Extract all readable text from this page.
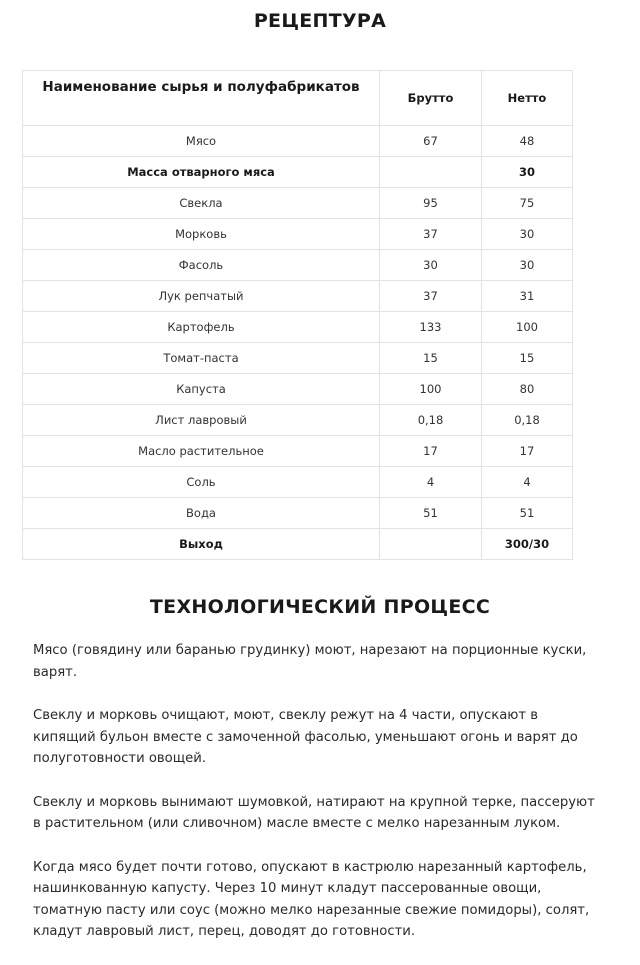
РЕЦЕПТУРА
Наименование сырья и полуфабрикатов	Брутто	Нетто
Мясо	67	48
Масса отварного мяса		30
Свекла	95	75
Морковь	37	30
Фасоль	30	30
Лук репчатый	37	31
Картофель	133	100
Томат-паста	15	15
Капуста	100	80
Лист лавровый	0,18	0,18
Масло растительное	17	17
Соль	4	4
Вода	51	51
Выход		300/30
ТЕХНОЛОГИЧЕСКИЙ ПРОЦЕСС

Мясо (говядину или баранью грудинку) моют, нарезают на порционные куски, варят.

Свеклу и морковь очищают, моют, свеклу режут на 4 части, опускают в кипящий бульон вместе с замоченной фасолью, уменьшают огонь и варят до полуготовности овощей.

Свеклу и морковь вынимают шумовкой, натирают на крупной терке, пассеруют в растительном (или сливочном) масле вместе с мелко нарезанным луком.

Когда мясо будет почти готово, опускают в кастрюлю нарезанный картофель, нашинкованную капусту. Через 10 минут кладут пассерованные овощи, томатную пасту или соус (можно мелко нарезанные свежие помидоры), солят, кладут лавровый лист, перец, доводят до готовности.
